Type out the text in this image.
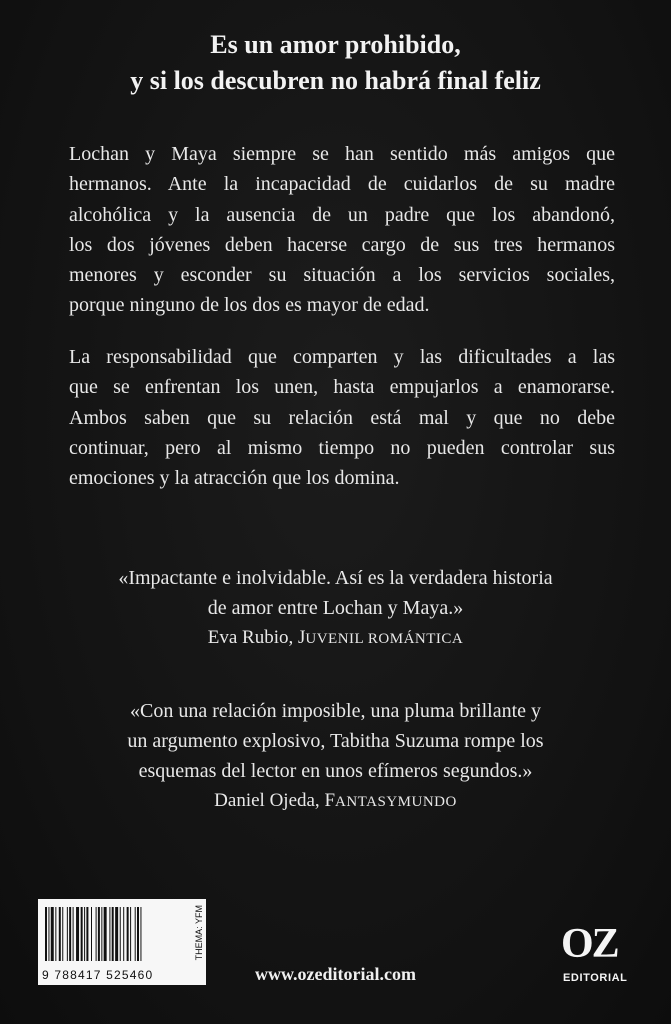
Es un amor prohibido,
y si los descubren no habrá final feliz
Lochan y Maya siempre se han sentido más amigos que
hermanos. Ante la incapacidad de cuidarlos de su madre
alcohólica y la ausencia de un padre que los abandonó,
los dos jóvenes deben hacerse cargo de sus tres hermanos
menores y esconder su situación a los servicios sociales,
porque ninguno de los dos es mayor de edad.
La responsabilidad que comparten y las dificultades a las
que se enfrentan los unen, hasta empujarlos a enamorarse.
Ambos saben que su relación está mal y que no debe
continuar, pero al mismo tiempo no pueden controlar sus
emociones y la atracción que los domina.
«Impactante e inolvidable. Así es la verdadera historia
de amor entre Lochan y Maya.»
Eva Rubio, JUVENIL ROMÁNTICA
«Con una relación imposible, una pluma brillante y
un argumento explosivo, Tabitha Suzuma rompe los
esquemas del lector en unos efímeros segundos.»
Daniel Ojeda, FANTASYMUNDO
9 788417 525460
THEMA: YFM
www.ozeditorial.com
OZ
EDITORIAL
